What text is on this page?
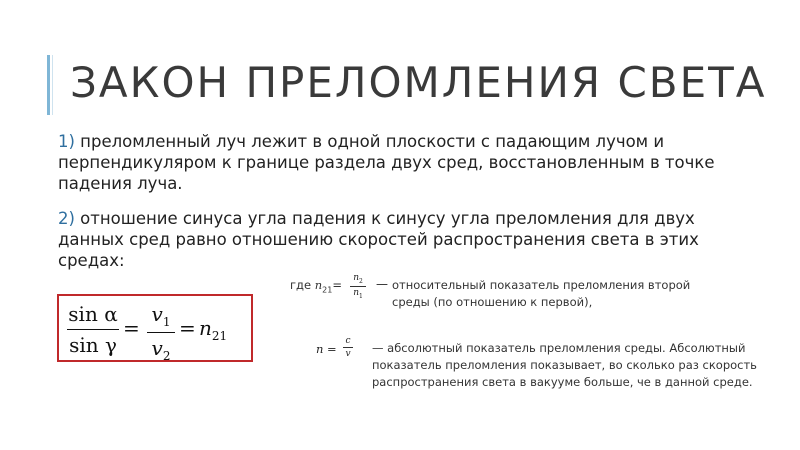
ЗАКОН ПРЕЛОМЛЕНИЯ СВЕТА
1) преломленный луч лежит в одной плоскости с падающим лучом и перпендикуляром к границе раздела двух сред, восстановленным в точке падения луча.
2) отношение синуса угла падения к синусу угла преломления для двух данных сред равно отношению скоростей распространения света в этих средах:
sin α
sin γ
=
$v_1$
$v_2$
= $n_{21}$
где $n_{21}=$	$n_2$
$n_1$
— относительный показатель преломления второй
среды (по отношению к первой),
n =
c
v — абсолютный показатель преломления среды. Абсолютный показатель преломления показывает, во сколько раз скорость распространения света в вакууме больше, че в данной среде.
